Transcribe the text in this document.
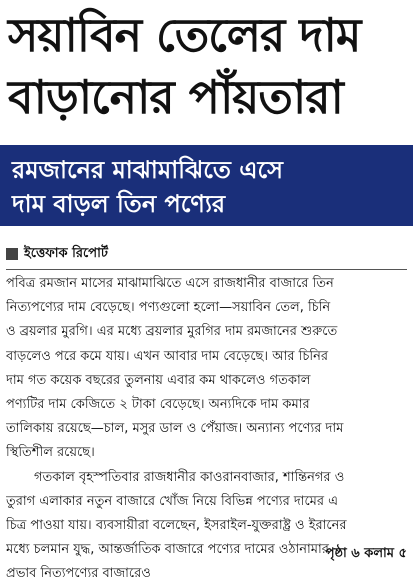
সয়াবিন তেলের দাম
বাড়ানোর পাঁয়তারা
রমজানের মাঝামাঝিতে এসে
দাম বাড়ল তিন পণ্যের
ইত্তেফাক রিপোর্ট
পবিত্র রমজান মাসের মাঝামাঝিতে এসে রাজধানীর বাজারে তিন
নিত্যপণ্যের দাম বেড়েছে। পণ্যগুলো হলো—সয়াবিন তেল, চিনি
ও ব্রয়লার মুরগি। এর মধ্যে ব্রয়লার মুরগির দাম রমজানের শুরুতে
বাড়লেও পরে কমে যায়। এখন আবার দাম বেড়েছে। আর চিনির
দাম গত কয়েক বছরের তুলনায় এবার কম থাকলেও গতকাল
পণ্যটির দাম কেজিতে ২ টাকা বেড়েছে। অন্যদিকে দাম কমার
তালিকায় রয়েছে—চাল, মসুর ডাল ও পেঁয়াজ। অন্যান্য পণ্যের দাম
স্থিতিশীল রয়েছে।
গতকাল বৃহস্পতিবার রাজধানীর কাওরানবাজার, শান্তিনগর ও
তুরাগ এলাকার নতুন বাজারে খোঁজ নিয়ে বিভিন্ন পণ্যের দামের এ
চিত্র পাওয়া যায়। ব্যবসায়ীরা বলেছেন, ইসরাইল-যুক্তরাষ্ট্র ও ইরানের
মধ্যে চলমান যুদ্ধ, আন্তর্জাতিক বাজারে পণ্যের দামের ওঠানামার
প্রভাব নিত্যপণ্যের বাজারেও
পৃষ্ঠা ৬ কলাম ৫
